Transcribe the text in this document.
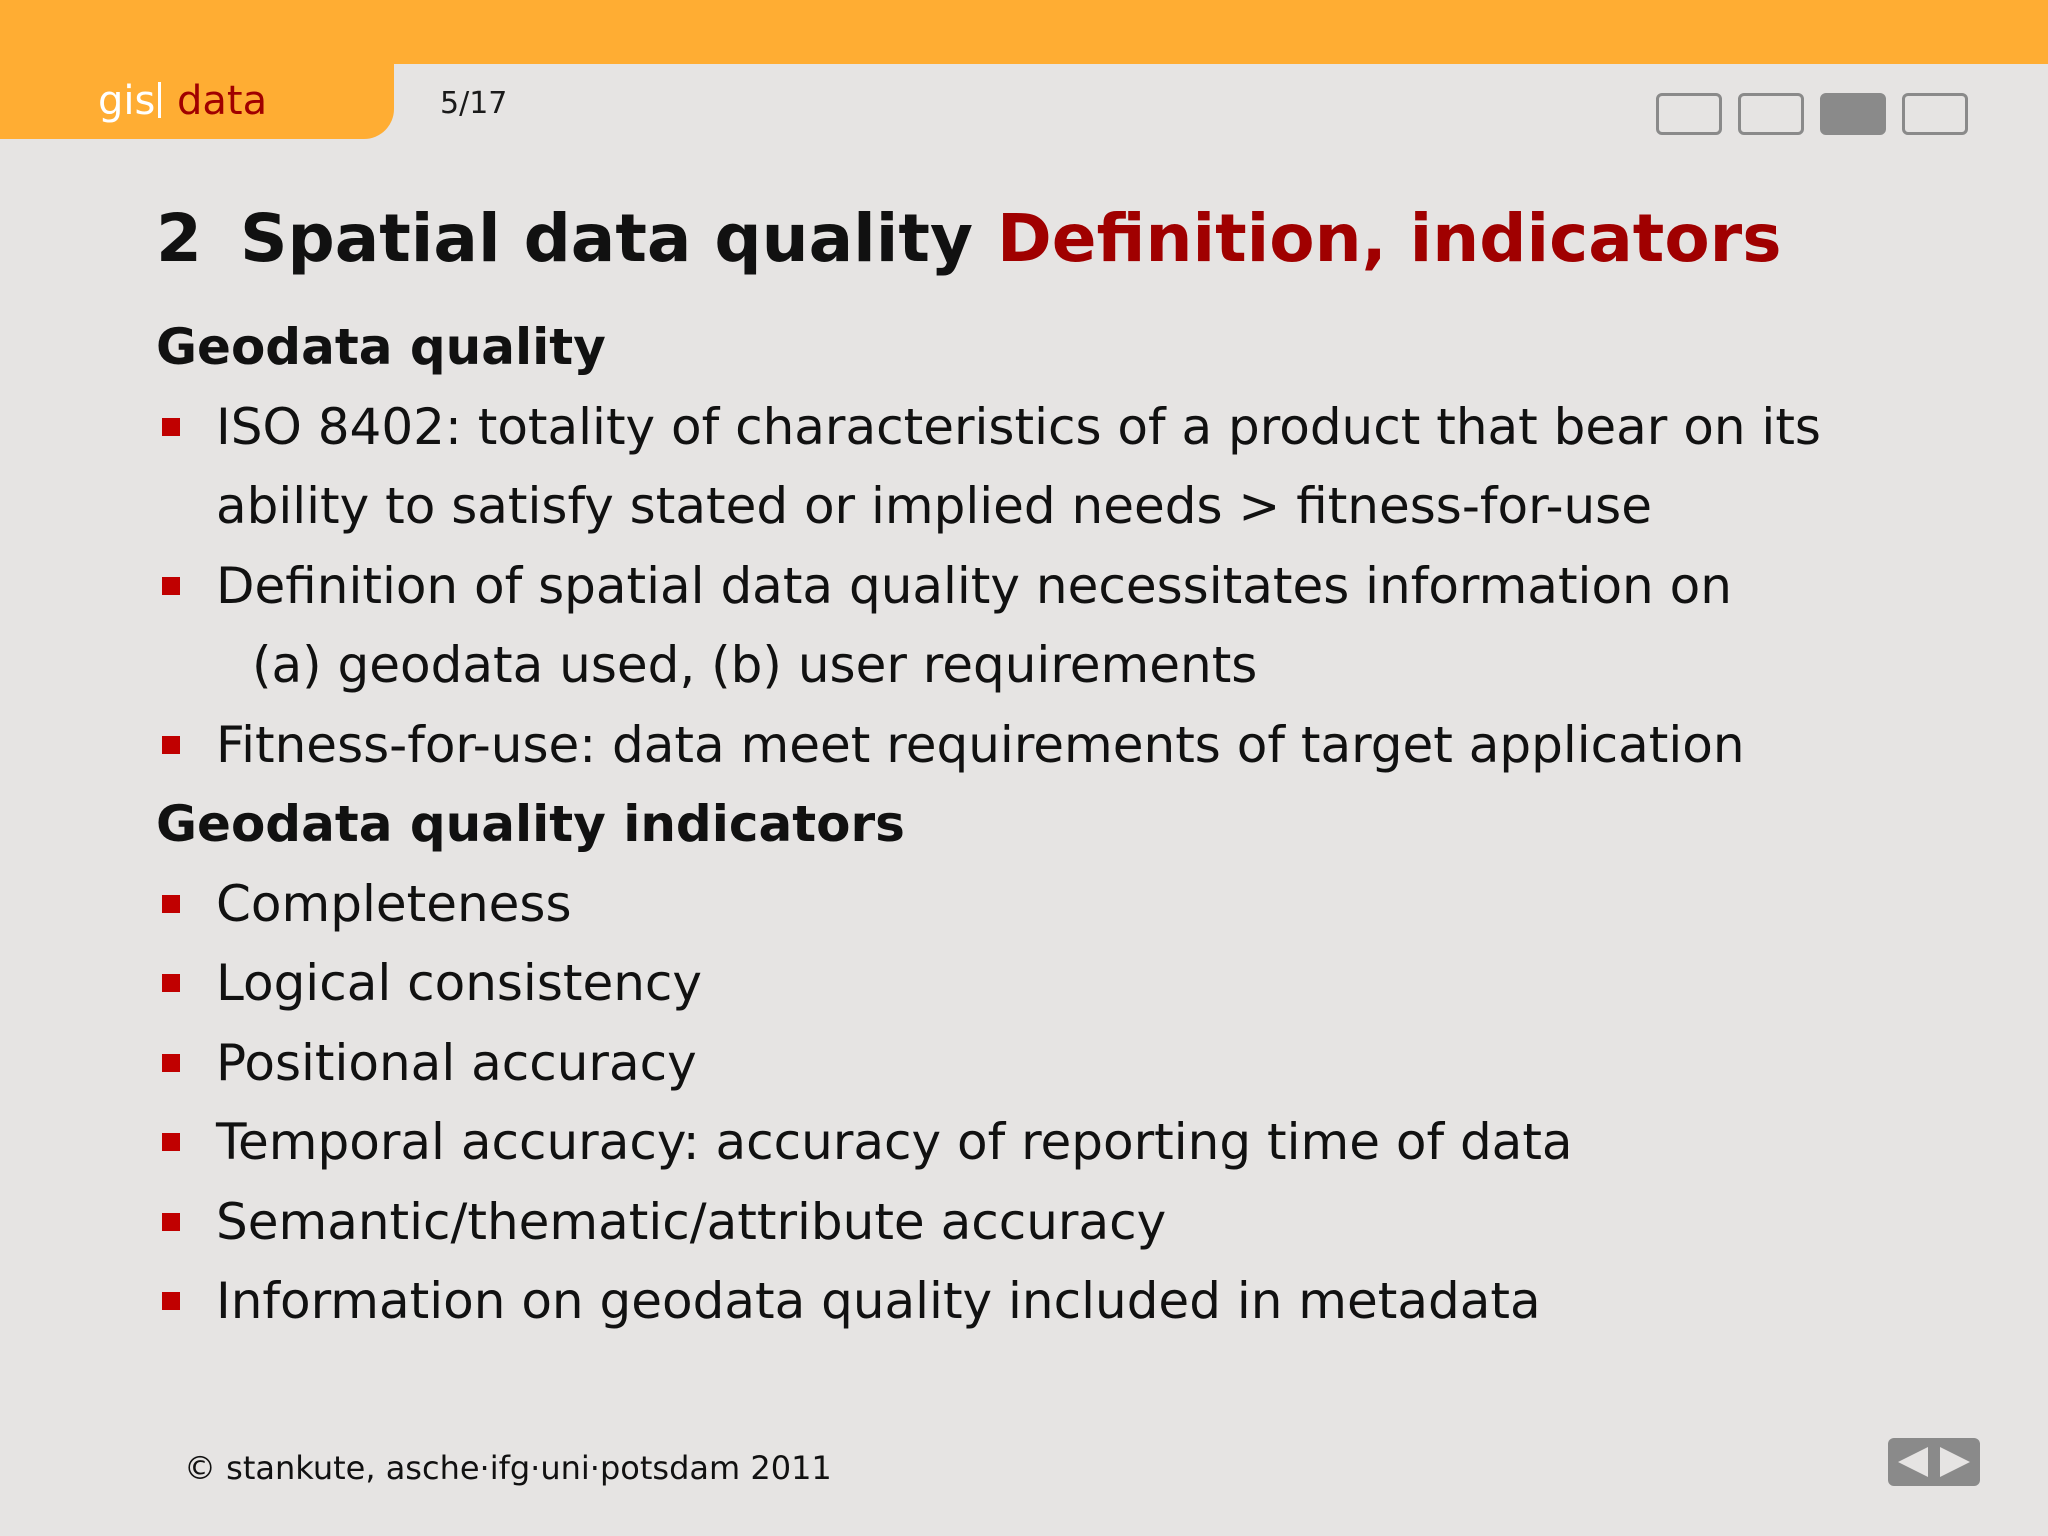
gis data	5/17
2 Spatial data quality Definition, indicators
Geodata quality
ISO 8402: totality of characteristics of a product that bear on its
ability to satisfy stated or implied needs > fitness-for-use
Definition of spatial data quality necessitates information on
(a) geodata used, (b) user requirements
Fitness-for-use: data meet requirements of target application
Geodata quality indicators
Completeness
Logical consistency
Positional accuracy
Temporal accuracy: accuracy of reporting time of data
Semantic/thematic/attribute accuracy
Information on geodata quality included in metadata
© stankute, asche·ifg·uni·potsdam 2011
